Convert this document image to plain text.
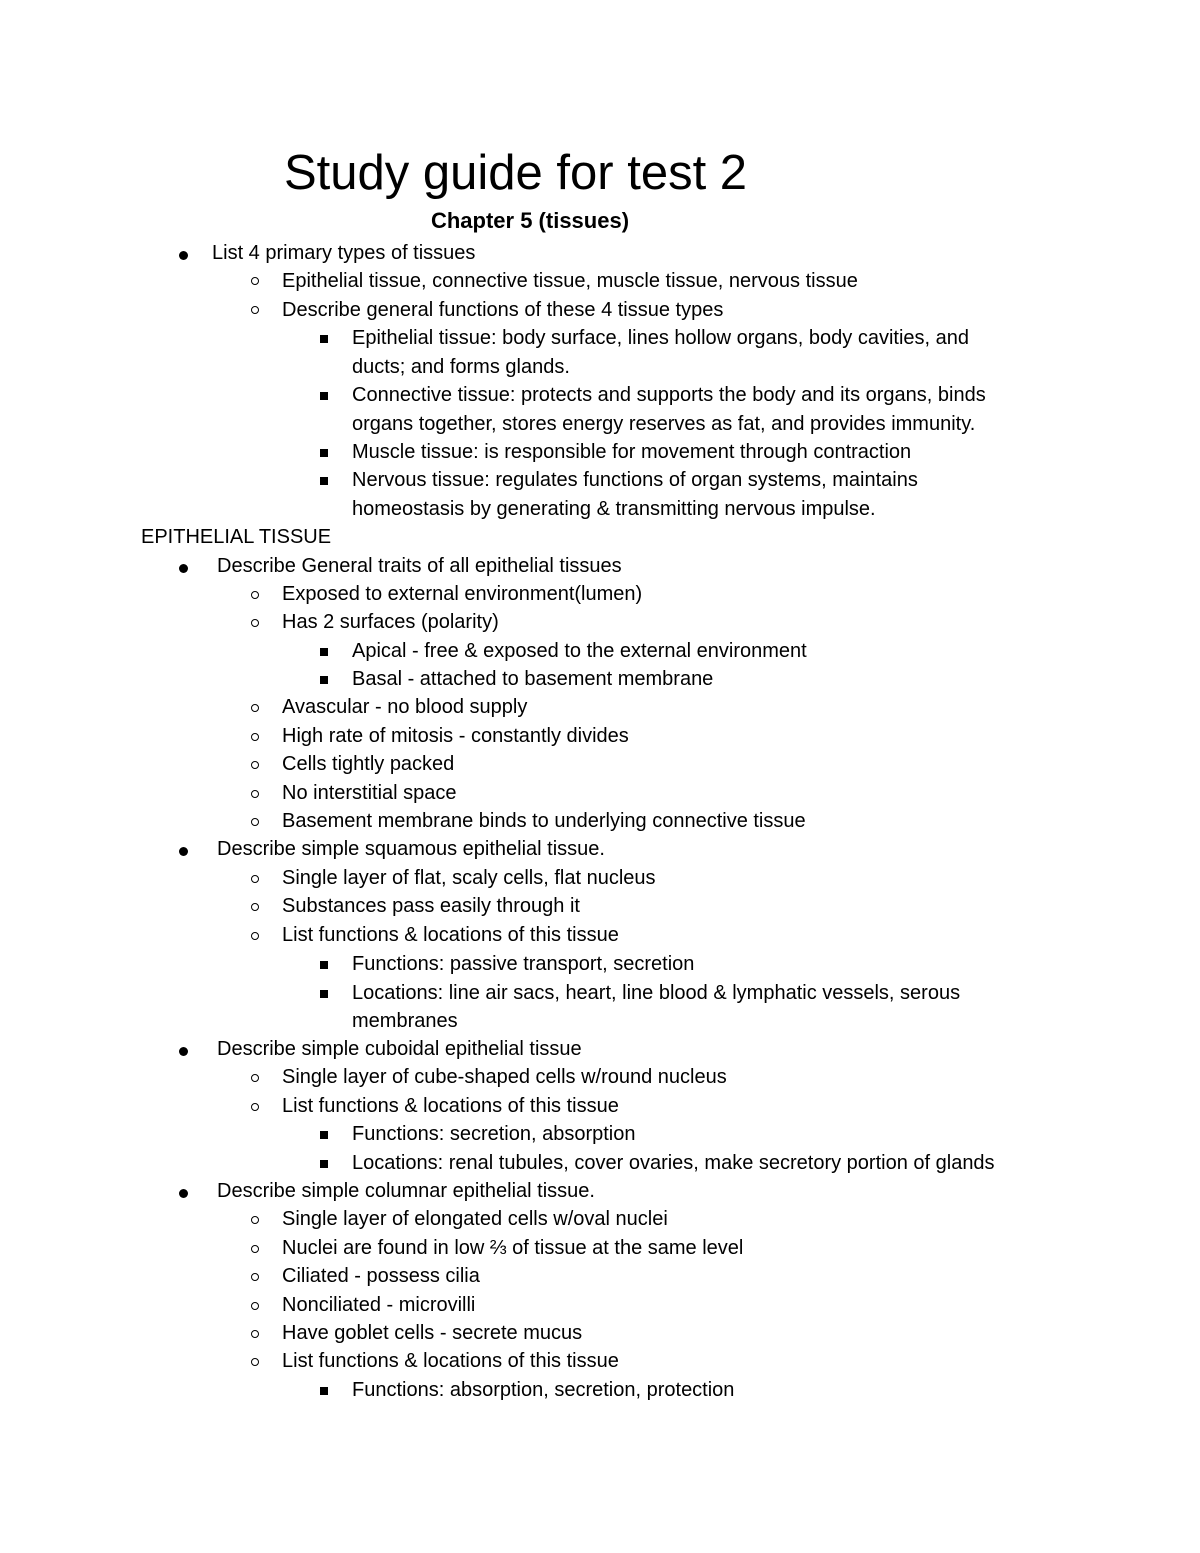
Study guide for test 2
Chapter 5 (tissues)
List 4 primary types of tissues
Epithelial tissue, connective tissue, muscle tissue, nervous tissue
Describe general functions of these 4 tissue types
Epithelial tissue: body surface, lines hollow organs, body cavities, and
ducts; and forms glands.
Connective tissue: protects and supports the body and its organs, binds
organs together, stores energy reserves as fat, and provides immunity.
Muscle tissue: is responsible for movement through contraction
Nervous tissue: regulates functions of organ systems, maintains
homeostasis by generating & transmitting nervous impulse.
EPITHELIAL TISSUE
Describe General traits of all epithelial tissues
Exposed to external environment(lumen)
Has 2 surfaces (polarity)
Apical - free & exposed to the external environment
Basal - attached to basement membrane
Avascular - no blood supply
High rate of mitosis - constantly divides
Cells tightly packed
No interstitial space
Basement membrane binds to underlying connective tissue
Describe simple squamous epithelial tissue.
Single layer of flat, scaly cells, flat nucleus
Substances pass easily through it
List functions & locations of this tissue
Functions: passive transport, secretion
Locations: line air sacs, heart, line blood & lymphatic vessels, serous
membranes
Describe simple cuboidal epithelial tissue
Single layer of cube-shaped cells w/round nucleus
List functions & locations of this tissue
Functions: secretion, absorption
Locations: renal tubules, cover ovaries, make secretory portion of glands
Describe simple columnar epithelial tissue.
Single layer of elongated cells w/oval nuclei
Nuclei are found in low ⅔ of tissue at the same level
Ciliated - possess cilia
Nonciliated - microvilli
Have goblet cells - secrete mucus
List functions & locations of this tissue
Functions: absorption, secretion, protection
